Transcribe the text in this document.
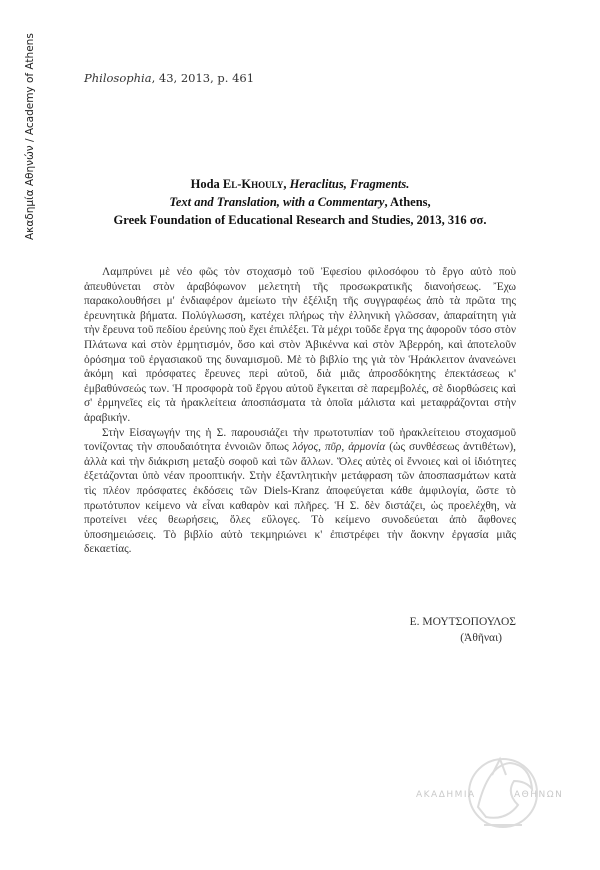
Ακαδημία Αθηνών / Academy of Athens	Philosophia, 43, 2013, p. 461
Hoda El-Khouly, Heraclitus, Fragments.
Text and Translation, with a Commentary, Athens,
Greek Foundation of Educational Research and Studies, 2013, 316 σσ.

Λαμπρύνει μὲ νέο φῶς τὸν στοχασμὸ τοῦ Ἐφεσίου φιλοσόφου τὸ ἔργο αὐτὸ ποὺ ἀπευθύνεται στὸν ἀραβόφωνον μελετητὴ τῆς προσωκρατικῆς διανοήσεως. Ἔχω παρακολουθήσει μ' ἐνδιαφέρον ἀμείωτο τὴν ἐξέλιξη τῆς συγγραφέως ἀπὸ τὰ πρῶτα της ἐρευνητικὰ βήματα. Πολύγλωσση, κατέχει πλήρως τὴν ἑλληνικὴ γλῶσσαν, ἀπαραίτητη γιὰ τὴν ἔρευνα τοῦ πεδίου ἐρεύνης ποὺ ἔχει ἐπιλέξει. Τὰ μέχρι τοῦδε ἔργα της ἀφοροῦν τόσο στὸν Πλάτωνα καὶ στὸν ἑρμητισμόν, ὅσο καὶ στὸν Ἀβικέννα καὶ στὸν Ἀβερρόη, καὶ ἀποτελοῦν ὀρόσημα τοῦ ἐργασιακοῦ της δυναμισμοῦ. Μὲ τὸ βιβλίο της γιὰ τὸν Ἡράκλειτον ἀνανεώνει ἀκόμη καὶ πρόσφατες ἔρευνες περὶ αὐτοῦ, διὰ μιᾶς ἀπροσδόκητης ἐπεκτάσεως κ' ἐμβαθύνσεώς των. Ἡ προσφορὰ τοῦ ἔργου αὐτοῦ ἔγκειται σὲ παρεμβολές, σὲ διορθώσεις καὶ σ' ἑρμηνεῖες εἰς τὰ ἡρακλείτεια ἀποσπάσματα τὰ ὁποῖα μάλιστα καὶ μεταφράζονται στὴν ἀραβικήν.

Στὴν Εἰσαγωγήν της ἡ Σ. παρουσιάζει τὴν πρωτοτυπίαν τοῦ ἡρακλείτειου στοχασμοῦ τονίζοντας τὴν σπουδαιότητα ἐννοιῶν ὅπως λόγος, πῦρ, ἁρμονία (ὡς συνθέσεως ἀντιθέτων), ἀλλὰ καὶ τὴν διάκριση μεταξὺ σοφοῦ καὶ τῶν ἄλλων. Ὅλες αὐτὲς οἱ ἔννοιες καὶ οἱ ἰδιότητες ἐξετάζονται ὑπὸ νέαν προοπτικήν. Στὴν ἐξαντλητικὴν μετάφραση τῶν ἀποσπασμάτων κατὰ τὶς πλέον πρόσφατες ἐκδόσεις τῶν Diels-Kranz ἀποφεύγεται κάθε ἀμφιλογία, ὥστε τὸ πρωτότυπον κείμενο νὰ εἶναι καθαρὸν καὶ πλῆρες. Ἡ Σ. δὲν διστάζει, ὡς προελέχθη, νὰ προτείνει νέες θεωρήσεις, ὅλες εὔλογες. Τὸ κείμενο συνοδεύεται ἀπὸ ἄφθονες ὑποσημειώσεις. Τὸ βιβλίο αὐτὸ τεκμηριώνει κ' ἐπιστρέφει τὴν ἄοκνην ἐργασία μιᾶς δεκαετίας.

Ε. ΜΟΥΤΣΟΠΟΥΛΟΣ
(Ἀθῆναι)
ΑΚΑΔΗΜΙΑ	ΑΘΗΝΩΝ
